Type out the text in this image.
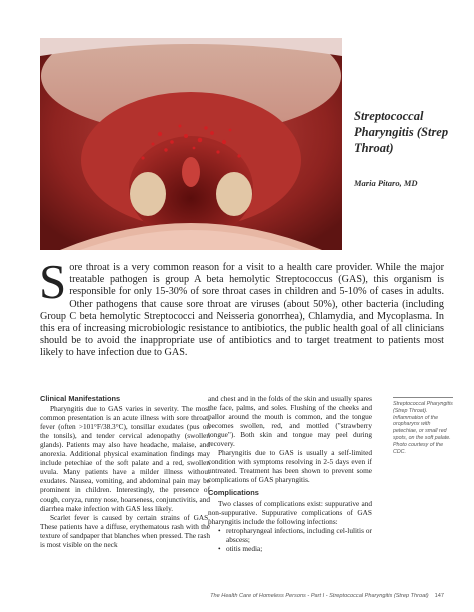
Streptococcal Pharyngitis (Strep Throat)
Maria Pitaro, MD
Sore throat is a very common reason for a visit to a health care provider. While the major treatable pathogen is group A beta hemolytic Streptococcus (GAS), this organism is responsible for only 15-30% of sore throat cases in children and 5-10% of cases in adults. Other pathogens that cause sore throat are viruses (about 50%), other bacteria (including Group C beta hemolytic Streptococci and Neisseria gonorrhea), Chlamydia, and Mycoplasma. In this era of increasing microbiologic resistance to antibiotics, the public health goal of all clinicians should be to avoid the inappropriate use of antibiotics and to target treatment to patients most likely to have infection due to GAS.
Clinical Manifestations

Pharyngitis due to GAS varies in severity. The most common presentation is an acute illness with sore throat, fever (often >101°F/38.3°C), tonsillar exudates (pus on the tonsils), and tender cervical adenopathy (swollen glands). Patients may also have headache, malaise, and anorexia. Additional physical examination findings may include petechiae of the soft palate and a red, swollen uvula. Many patients have a milder illness without exudates. Nausea, vomiting, and abdominal pain may be prominent in children. Interestingly, the presence of cough, coryza, runny nose, hoarseness, conjunctivitis, and diarrhea make infection with GAS less likely.

Scarlet fever is caused by certain strains of GAS. These patients have a diffuse, erythematous rash with the texture of sandpaper that blanches when pressed. The rash is most visible on the neck

and chest and in the folds of the skin and usually spares the face, palms, and soles. Flushing of the cheeks and pallor around the mouth is common, and the tongue becomes swollen, red, and mottled ("strawberry tongue"). Both skin and tongue may peel during recovery.

Pharyngitis due to GAS is usually a self-limited condition with symptoms resolving in 2-5 days even if untreated. Treatment has been shown to prevent some complications of GAS pharyngitis.

Complications

Two classes of complications exist: suppurative and non-suppurative. Suppurative complications of GAS pharyngitis include the following infections:

• retropharyngeal infections, including cel-lulitis or abscess;
• otitis media;
Streptococcal Pharyngitis (Strep Throat). Inflammation of the oropharynx with petechiae, or small red spots, on the soft palate. Photo courtesy of the CDC.
The Health Care of Homeless Persons - Part I - Streptococcal Pharyngitis (Strep Throat) 147
